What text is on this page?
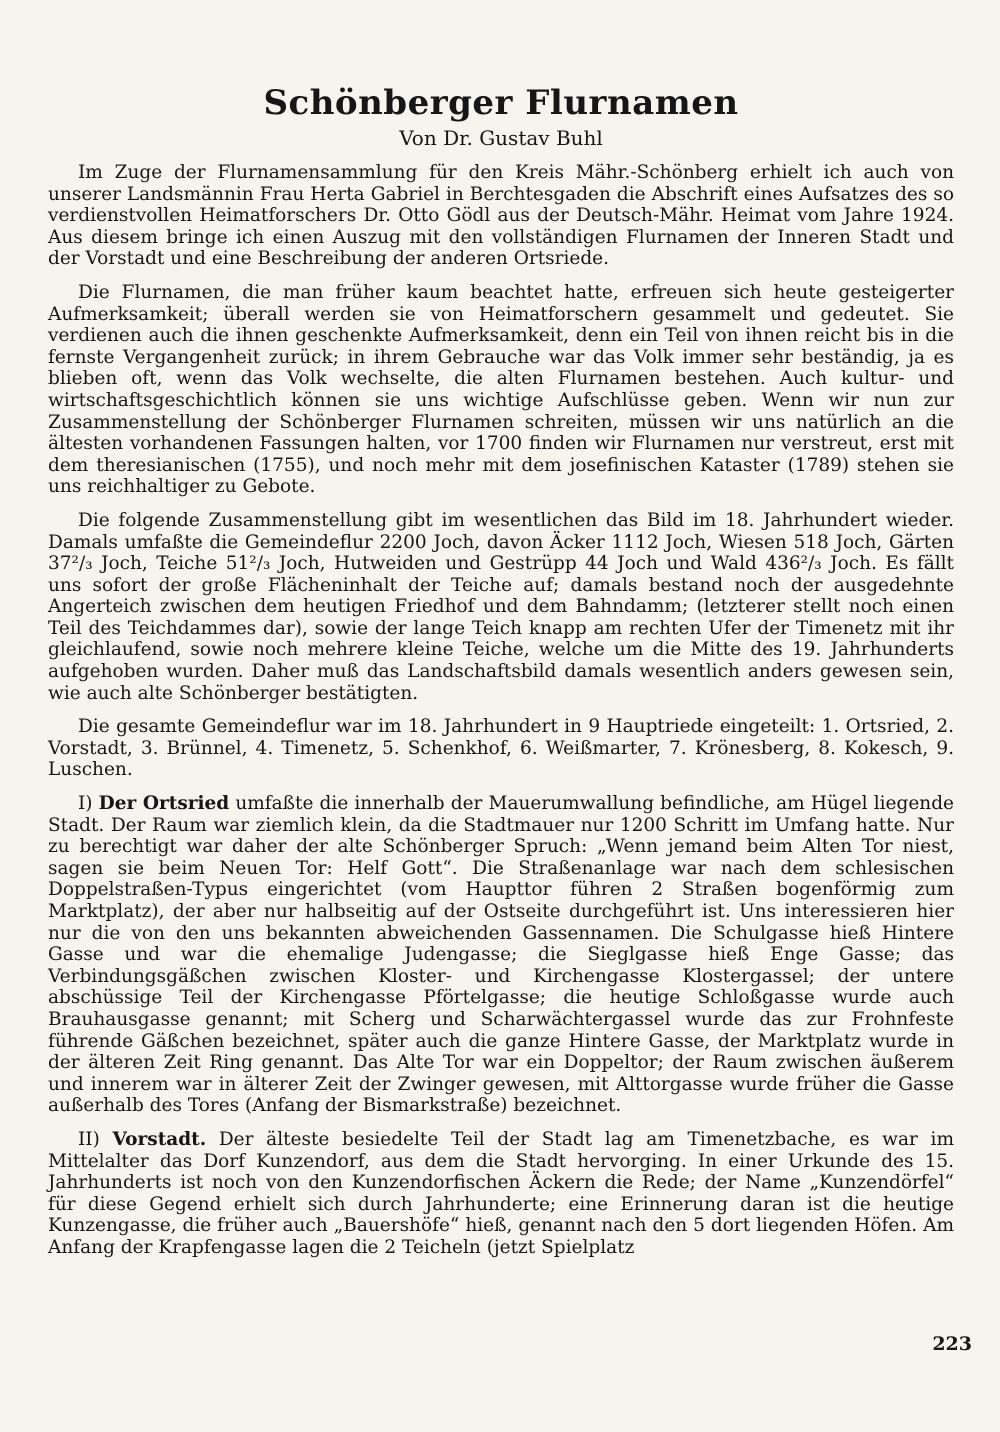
Schönberger Flurnamen
Von Dr. Gustav Buhl

Im Zuge der Flurnamensammlung für den Kreis Mähr.-Schönberg erhielt ich auch von unserer Landsmännin Frau Herta Gabriel in Berchtesgaden die Abschrift eines Aufsatzes des so verdienstvollen Heimatforschers Dr. Otto Gödl aus der Deutsch-Mähr. Heimat vom Jahre 1924. Aus diesem bringe ich einen Auszug mit den vollständigen Flurnamen der Inneren Stadt und der Vorstadt und eine Beschreibung der anderen Ortsriede.

Die Flurnamen, die man früher kaum beachtet hatte, erfreuen sich heute gesteigerter Aufmerksamkeit; überall werden sie von Heimatforschern gesammelt und gedeutet. Sie verdienen auch die ihnen geschenkte Aufmerksamkeit, denn ein Teil von ihnen reicht bis in die fernste Vergangenheit zurück; in ihrem Gebrauche war das Volk immer sehr beständig, ja es blieben oft, wenn das Volk wechselte, die alten Flurnamen bestehen. Auch kultur- und wirtschaftsgeschichtlich können sie uns wichtige Aufschlüsse geben. Wenn wir nun zur Zusammenstellung der Schönberger Flurnamen schreiten, müssen wir uns natürlich an die ältesten vorhandenen Fassungen halten, vor 1700 finden wir Flurnamen nur verstreut, erst mit dem theresianischen (1755), und noch mehr mit dem josefinischen Kataster (1789) stehen sie uns reichhaltiger zu Gebote.

Die folgende Zusammenstellung gibt im wesentlichen das Bild im 18. Jahrhundert wieder. Damals umfaßte die Gemeindeflur 2200 Joch, davon Äcker 1112 Joch, Wiesen 518 Joch, Gärten 37²/₃ Joch, Teiche 51²/₃ Joch, Hutweiden und Gestrüpp 44 Joch und Wald 436²/₃ Joch. Es fällt uns sofort der große Flächeninhalt der Teiche auf; damals bestand noch der ausgedehnte Angerteich zwischen dem heutigen Friedhof und dem Bahndamm; (letzterer stellt noch einen Teil des Teichdammes dar), sowie der lange Teich knapp am rechten Ufer der Timenetz mit ihr gleichlaufend, sowie noch mehrere kleine Teiche, welche um die Mitte des 19. Jahrhunderts aufgehoben wurden. Daher muß das Landschaftsbild damals wesentlich anders gewesen sein, wie auch alte Schönberger bestätigten.

Die gesamte Gemeindeflur war im 18. Jahrhundert in 9 Hauptriede eingeteilt: 1. Ortsried, 2. Vorstadt, 3. Brünnel, 4. Timenetz, 5. Schenkhof, 6. Weißmarter, 7. Krönesberg, 8. Kokesch, 9. Luschen.

I) Der Ortsried umfaßte die innerhalb der Mauerumwallung befindliche, am Hügel liegende Stadt. Der Raum war ziemlich klein, da die Stadtmauer nur 1200 Schritt im Umfang hatte. Nur zu berechtigt war daher der alte Schönberger Spruch: „Wenn jemand beim Alten Tor niest, sagen sie beim Neuen Tor: Helf Gott“. Die Straßenanlage war nach dem schlesischen Doppelstraßen-Typus eingerichtet (vom Haupttor führen 2 Straßen bogenförmig zum Marktplatz), der aber nur halbseitig auf der Ostseite durchgeführt ist. Uns interessieren hier nur die von den uns bekannten abweichenden Gassennamen. Die Schulgasse hieß Hintere Gasse und war die ehemalige Judengasse; die Sieglgasse hieß Enge Gasse; das Verbindungsgäßchen zwischen Kloster- und Kirchengasse Klostergassel; der untere abschüssige Teil der Kirchengasse Pförtelgasse; die heutige Schloßgasse wurde auch Brauhausgasse genannt; mit Scherg und Scharwächtergassel wurde das zur Frohnfeste führende Gäßchen bezeichnet, später auch die ganze Hintere Gasse, der Marktplatz wurde in der älteren Zeit Ring genannt. Das Alte Tor war ein Doppeltor; der Raum zwischen äußerem und innerem war in älterer Zeit der Zwinger gewesen, mit Alttorgasse wurde früher die Gasse außerhalb des Tores (Anfang der Bismarkstraße) bezeichnet.

II) Vorstadt. Der älteste besiedelte Teil der Stadt lag am Timenetzbache, es war im Mittelalter das Dorf Kunzendorf, aus dem die Stadt hervorging. In einer Urkunde des 15. Jahrhunderts ist noch von den Kunzendorfischen Äckern die Rede; der Name „Kunzendörfel“ für diese Gegend erhielt sich durch Jahrhunderte; eine Erinnerung daran ist die heutige Kunzengasse, die früher auch „Bauershöfe“ hieß, genannt nach den 5 dort liegenden Höfen. Am Anfang der Krapfengasse lagen die 2 Teicheln (jetzt Spielplatz

223
